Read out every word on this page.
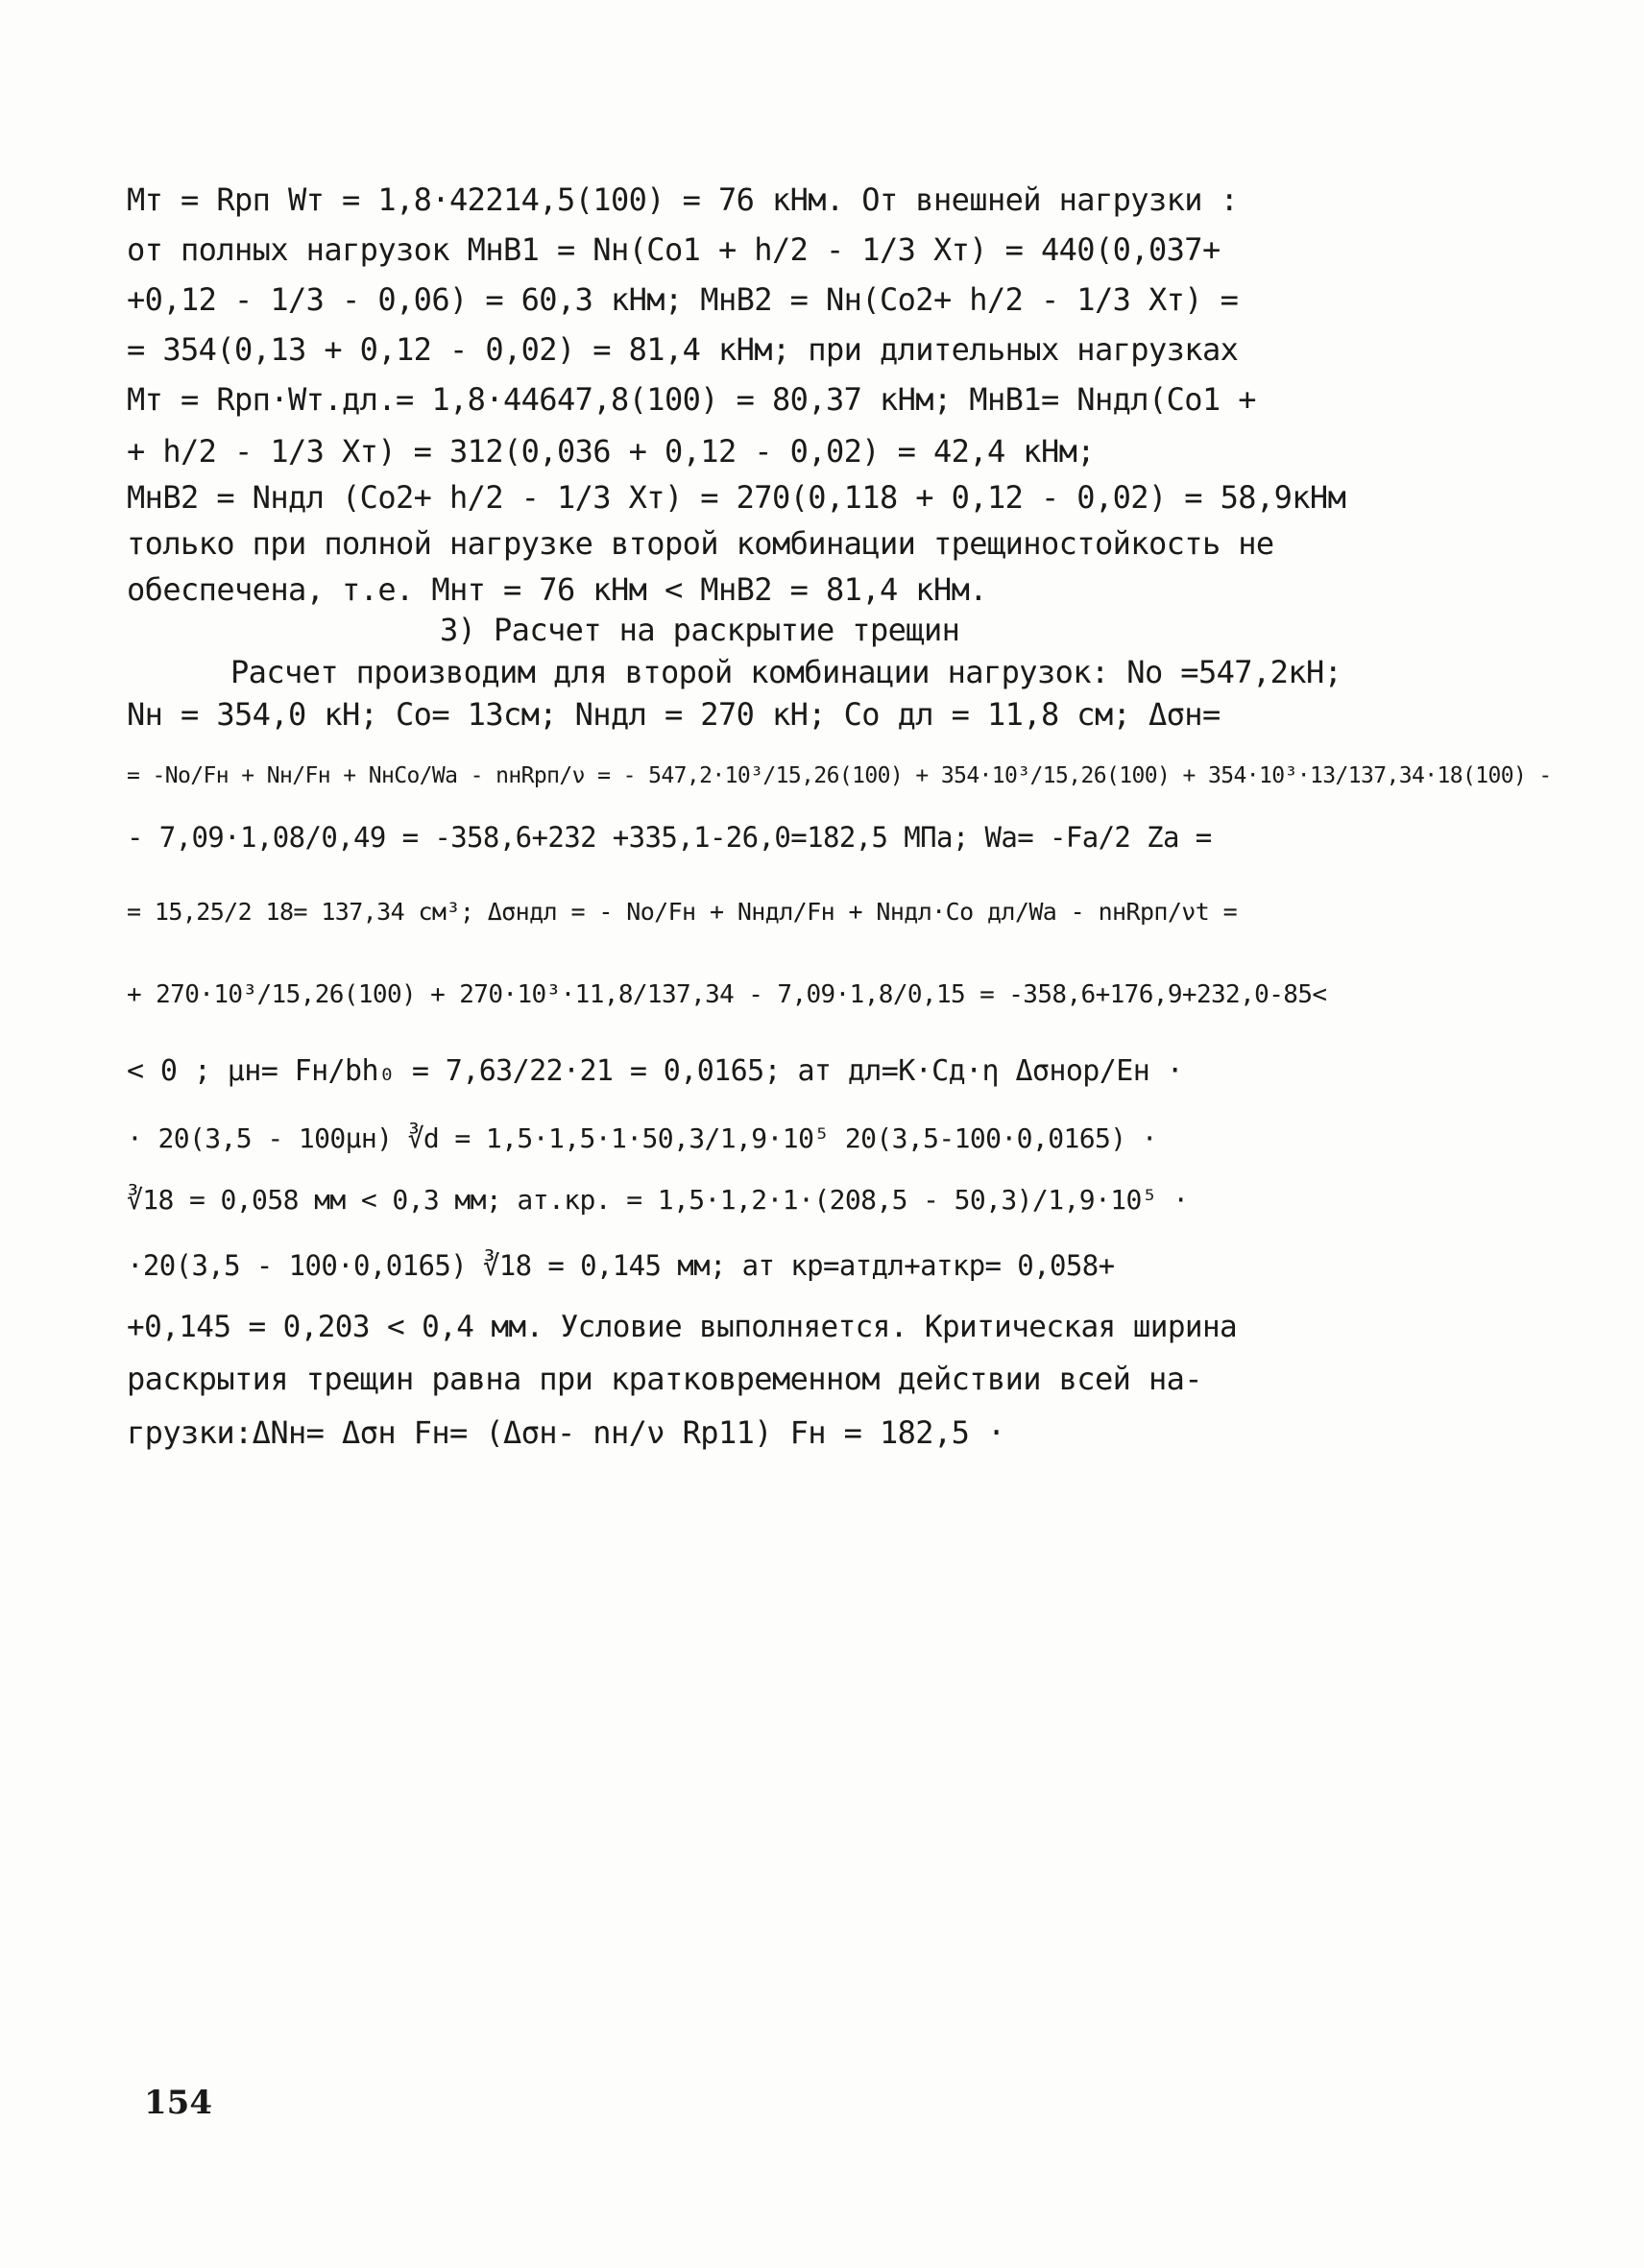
Мт = Rрп Wт = 1,8·42214,5(100) = 76 кНм. От внешней нагрузки :
от полных нагрузок МнВ1 = Nн(Со1 + h/2 - 1/3 Хт) = 440(0,037+
+0,12 - 1/3 - 0,06) = 60,3 кНм; МнВ2 = Nн(Со2+ h/2 - 1/3 Хт) =
= 354(0,13 + 0,12 - 0,02) = 81,4 кНм; при длительных нагрузках
Мт = Rрп·Wт.дл.= 1,8·44647,8(100) = 80,37 кНм; МнВ1= Nндл(Со1 +
+ h/2 - 1/3 Хт) = 312(0,036 + 0,12 - 0,02) = 42,4 кНм;
МнВ2 = Nндл (Со2+ h/2 - 1/3 Хт) = 270(0,118 + 0,12 - 0,02) = 58,9кНм
только при полной нагрузке второй комбинации трещиностойкость не
обеспечена, т.е. Мнт = 76 кНм < МнВ2 = 81,4 кНм.
3) Расчет на раскрытие трещин
Расчет производим для второй комбинации нагрузок: Nо =547,2кН;
Nн = 354,0 кН; Со= 13см; Nндл = 270 кН; Со дл = 11,8 см; Δσн=
= -No/Fн + Nн/Fн + NнCо/Wа - nнRрп/ν = - 547,2·10³/15,26(100) + 354·10³/15,26(100) + 354·10³·13/137,34·18(100) -
- 7,09·1,08/0,49 = -358,6+232 +335,1-26,0=182,5 МПа; Wа= -Fа/2 Zа =
= 15,25/2 18= 137,34 см³; Δσндл = - Nо/Fн + Nндл/Fн + Nндл·Со дл/Wа - nнRрп/νt =
+ 270·10³/15,26(100) + 270·10³·11,8/137,34 - 7,09·1,8/0,15 = -358,6+176,9+232,0-85<
< 0 ; μн= Fн/bh₀ = 7,63/22·21 = 0,0165; aт дл=K·Cд·η Δσнор/Eн ·
· 20(3,5 - 100μн) ∛d = 1,5·1,5·1·50,3/1,9·10⁵ 20(3,5-100·0,0165) ·
∛18 = 0,058 мм < 0,3 мм; aт.кр. = 1,5·1,2·1·(208,5 - 50,3)/1,9·10⁵ ·
·20(3,5 - 100·0,0165) ∛18 = 0,145 мм; aт кр=aтдл+aткр= 0,058+
+0,145 = 0,203 < 0,4 мм. Условие выполняется. Критическая ширина
раскрытия трещин равна при кратковременном действии всей на-
грузки:ΔNн= Δσн Fн= (Δσн- nн/ν Rр11) Fн = 182,5 ·
154
